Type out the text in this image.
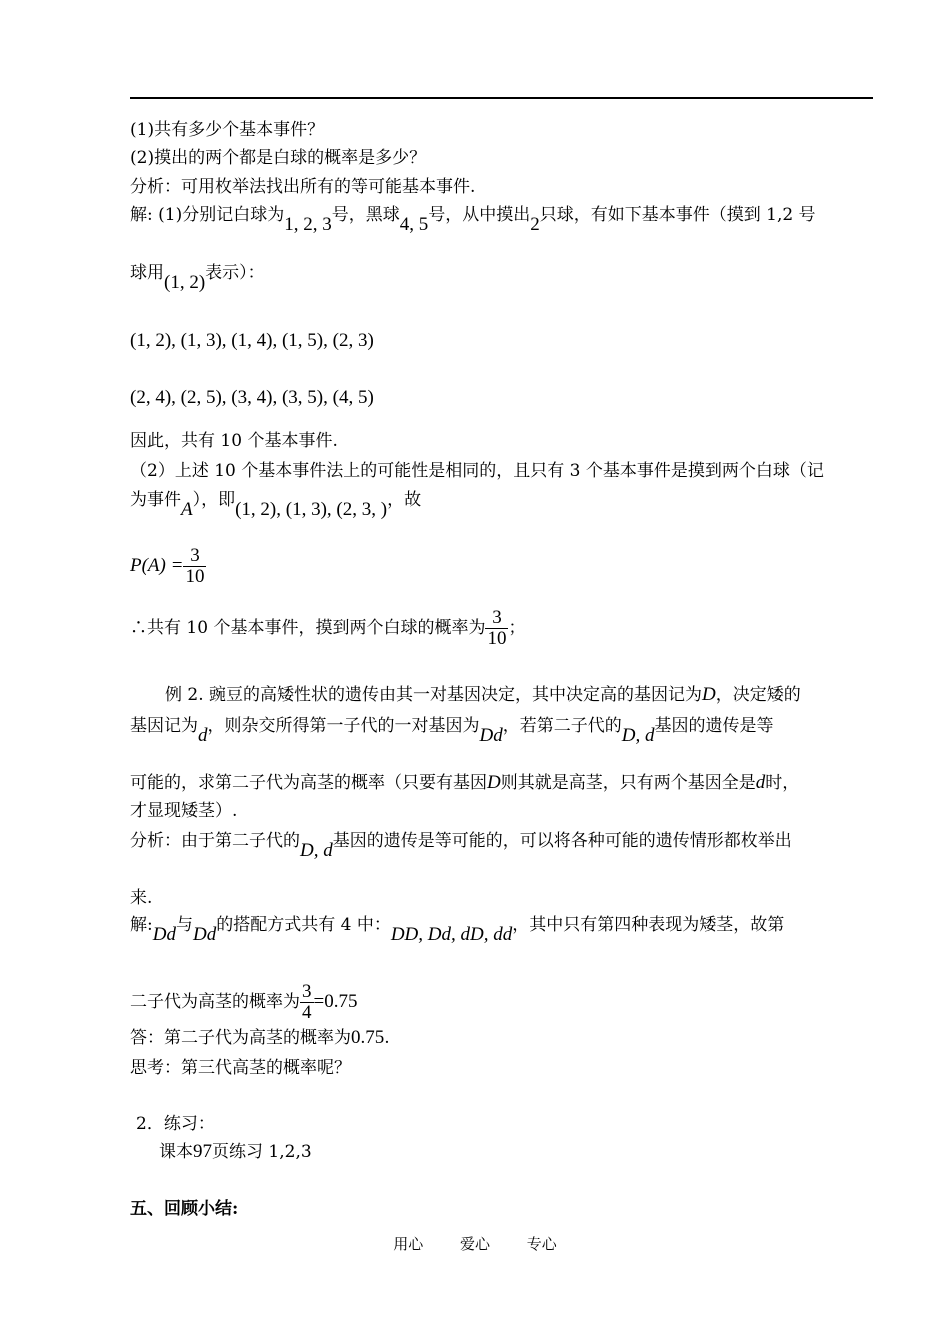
(1)共有多少个基本事件？
(2)摸出的两个都是白球的概率是多少？
分析：可用枚举法找出所有的等可能基本事件.
解: (1)分别记白球为1, 2, 3号，黑球4, 5号，从中摸出2只球，有如下基本事件（摸到 1,2 号
球用(1, 2)表示）：
(1, 2), (1, 3), (1, 4), (1, 5), (2, 3)
(2, 4), (2, 5), (3, 4), (3, 5), (4, 5)
因此，共有 10 个基本事件.
（2）上述 10 个基本事件法上的可能性是相同的，且只有 3 个基本事件是摸到两个白球（记
为事件A），即(1, 2), (1, 3), (2, 3, )，故
$P(A) = \frac{3}{10}$
∴共有 10 个基本事件，摸到两个白球的概率为 $\frac{3}{10}$ ；
例 2. 豌豆的高矮性状的遗传由其一对基因决定，其中决定高的基因记为D，决定矮的
基因记为d，则杂交所得第一子代的一对基因为Dd，若第二子代的D, d基因的遗传是等
可能的，求第二子代为高茎的概率（只要有基因D则其就是高茎，只有两个基因全是d时，
才显现矮茎）.
分析：由于第二子代的D, d基因的遗传是等可能的，可以将各种可能的遗传情形都枚举出
来.
解:Dd与Dd的搭配方式共有 4 中：DD, Dd, dD, dd，其中只有第四种表现为矮茎，故第
二子代为高茎的概率为 $\frac{3}{4} =0.75$
答：第二子代为高茎的概率为0.75.
思考：第三代高茎的概率呢？
2．练习：
课本97页练习 1,2,3
五、回顾小结:
用心 爱心 专心
